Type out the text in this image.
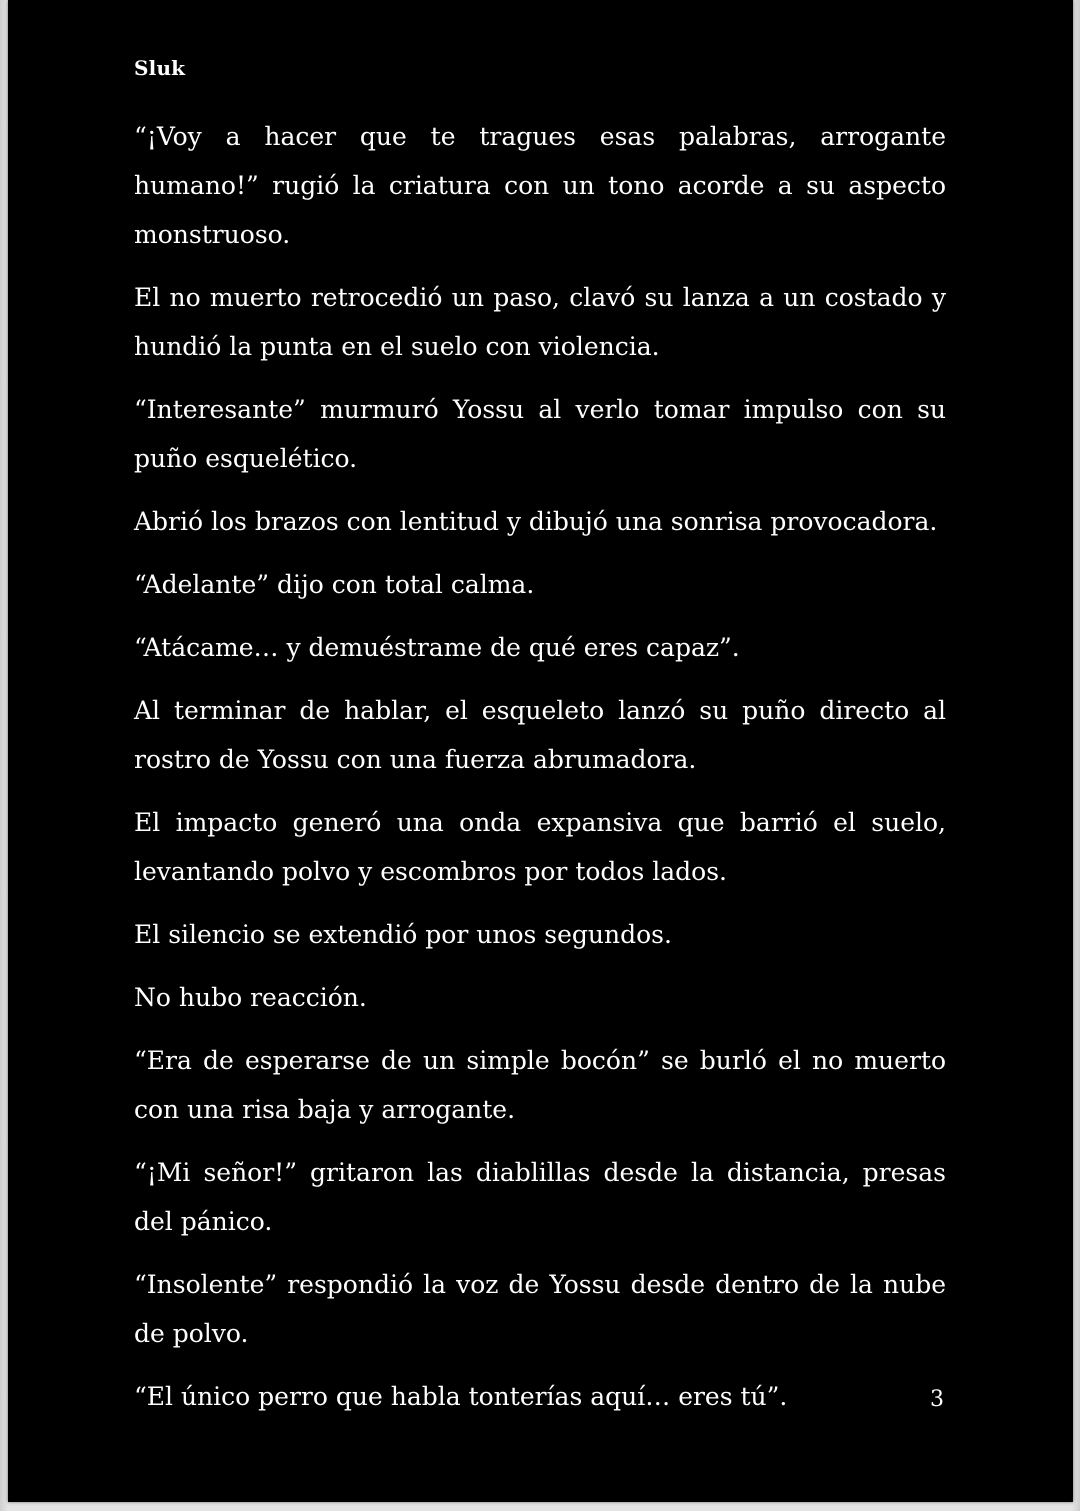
Sluk

“¡Voy a hacer que te tragues esas palabras, arrogante humano!” rugió la criatura con un tono acorde a su aspecto monstruoso.

El no muerto retrocedió un paso, clavó su lanza a un costado y hundió la punta en el suelo con violencia.

“Interesante” murmuró Yossu al verlo tomar impulso con su puño esquelético.

Abrió los brazos con lentitud y dibujó una sonrisa provocadora.

“Adelante” dijo con total calma.

“Atácame… y demuéstrame de qué eres capaz”.

Al terminar de hablar, el esqueleto lanzó su puño directo al rostro de Yossu con una fuerza abrumadora.

El impacto generó una onda expansiva que barrió el suelo, levantando polvo y escombros por todos lados.

El silencio se extendió por unos segundos.

No hubo reacción.

“Era de esperarse de un simple bocón” se burló el no muerto con una risa baja y arrogante.

“¡Mi señor!” gritaron las diablillas desde la distancia, presas del pánico.

“Insolente” respondió la voz de Yossu desde dentro de la nube de polvo.

“El único perro que habla tonterías aquí… eres tú”.	3
